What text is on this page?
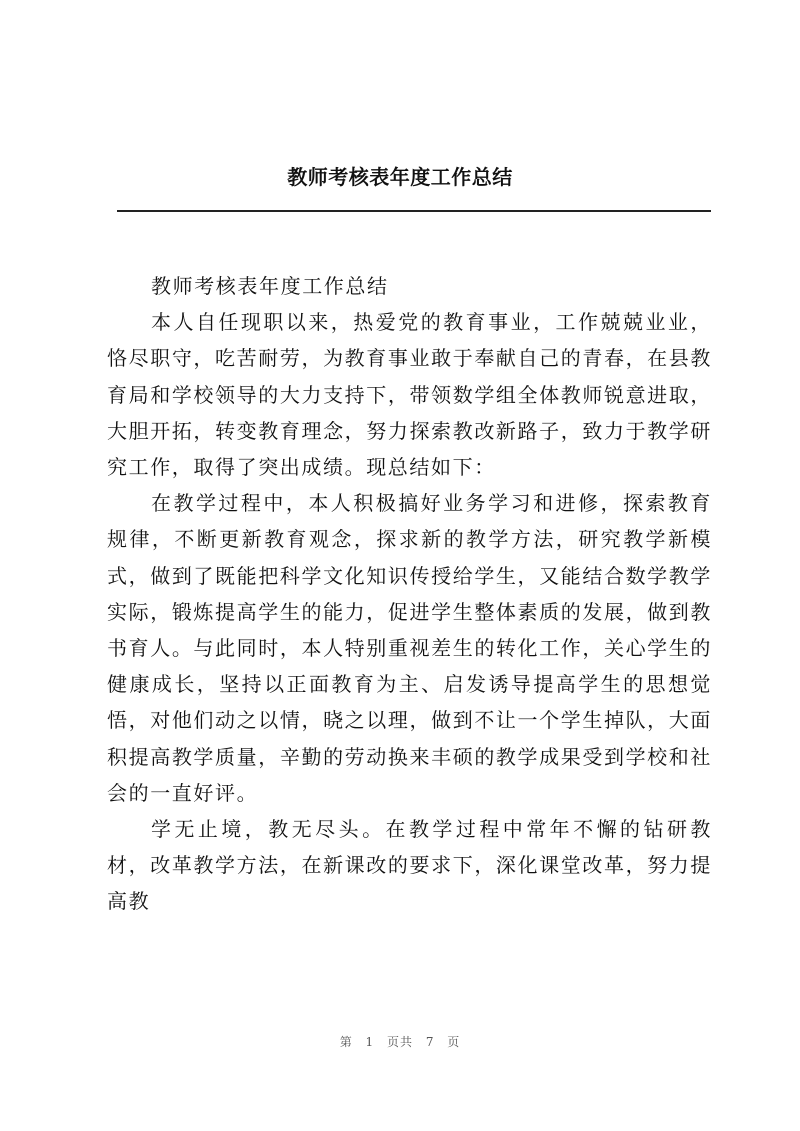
教师考核表年度工作总结

教师考核表年度工作总结

本人自任现职以来，热爱党的教育事业，工作兢兢业业，恪尽职守，吃苦耐劳，为教育事业敢于奉献自己的青春，在县教育局和学校领导的大力支持下，带领数学组全体教师锐意进取，大胆开拓，转变教育理念，努力探索教改新路子，致力于教学研究工作，取得了突出成绩。现总结如下：

在教学过程中，本人积极搞好业务学习和进修，探索教育规律，不断更新教育观念，探求新的教学方法，研究教学新模式，做到了既能把科学文化知识传授给学生，又能结合数学教学实际，锻炼提高学生的能力，促进学生整体素质的发展，做到教书育人。与此同时，本人特别重视差生的转化工作，关心学生的健康成长，坚持以正面教育为主、启发诱导提高学生的思想觉悟，对他们动之以情，晓之以理，做到不让一个学生掉队，大面积提高教学质量，辛勤的劳动换来丰硕的教学成果受到学校和社会的一直好评。

学无止境，教无尽头。在教学过程中常年不懈的钻研教材，改革教学方法，在新课改的要求下，深化课堂改革，努力提高教

第 1 页共 7 页
